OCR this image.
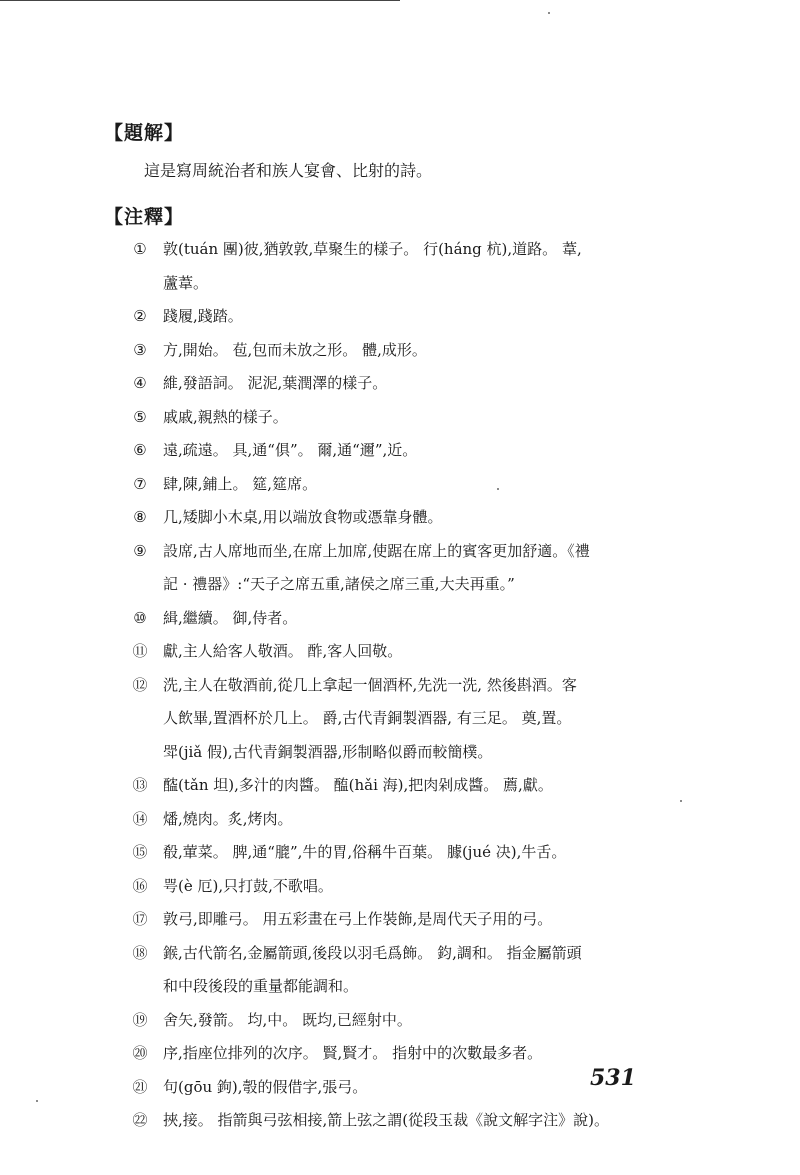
【題解】
這是寫周統治者和族人宴會、比射的詩。
【注釋】
①	敦(tuán 團)彼,猶敦敦,草聚生的樣子。 行(háng 杭),道路。 葦,
蘆葦。
②	踐履,踐踏。
③	方,開始。 苞,包而未放之形。 體,成形。
④	維,發語詞。 泥泥,葉潤澤的樣子。
⑤	戚戚,親熱的樣子。
⑥	遠,疏遠。 具,通“俱”。 爾,通“邇”,近。
⑦	肆,陳,鋪上。 筵,筵席。
⑧	几,矮脚小木桌,用以端放食物或憑靠身體。
⑨	設席,古人席地而坐,在席上加席,使踞在席上的賓客更加舒適。《禮
記 · 禮器》:“天子之席五重,諸侯之席三重,大夫再重。”
⑩	緝,繼續。 御,侍者。
⑪	獻,主人給客人敬酒。 酢,客人回敬。
⑫	洗,主人在敬酒前,從几上拿起一個酒杯,先洗一洗, 然後斟酒。客
人飲畢,置酒杯於几上。 爵,古代青銅製酒器, 有三足。 奠,置。
斝(jiǎ 假),古代青銅製酒器,形制略似爵而較簡樸。
⑬	醓(tǎn 坦),多汁的肉醬。 醢(hǎi 海),把肉剁成醬。 薦,獻。
⑭	燔,燒肉。炙,烤肉。
⑮	殽,葷菜。 脾,通“膍”,牛的胃,俗稱牛百葉。 臄(jué 决),牛舌。
⑯	咢(è 厄),只打鼓,不歌唱。
⑰	敦弓,即雕弓。 用五彩畫在弓上作裝飾,是周代天子用的弓。
⑱	鍭,古代箭名,金屬箭頭,後段以羽毛爲飾。 鈞,調和。 指金屬箭頭
和中段後段的重量都能調和。
⑲	舍矢,發箭。 均,中。 既均,已經射中。
⑳	序,指座位排列的次序。 賢,賢才。 指射中的次數最多者。
㉑	句(gōu 鉤),彀的假借字,張弓。
㉒	挾,接。 指箭與弓弦相接,箭上弦之謂(從段玉裁《說文解字注》說)。
531
